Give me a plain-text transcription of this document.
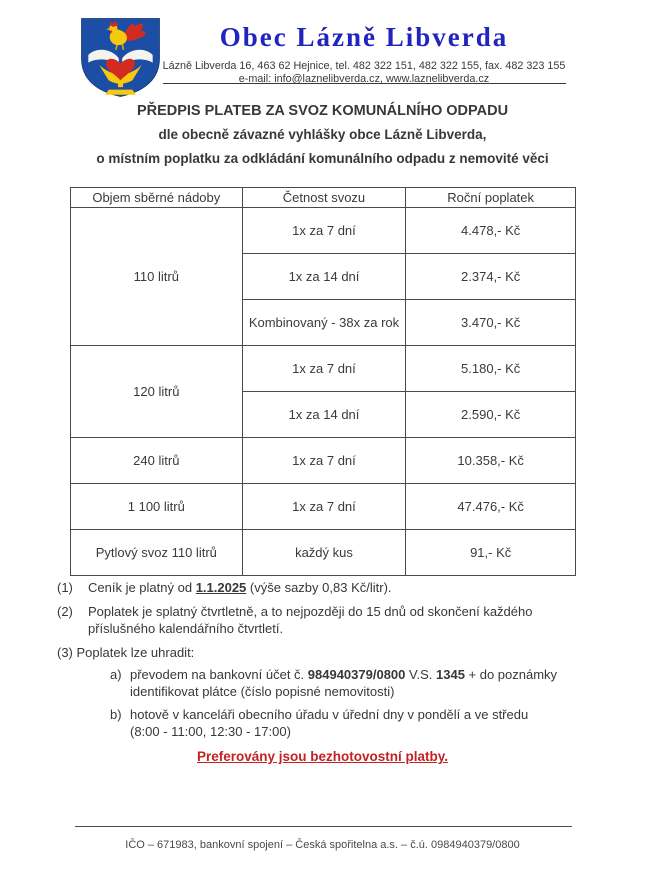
Obec Lázně Libverda
Lázně Libverda 16, 463 62 Hejnice, tel. 482 322 151, 482 322 155, fax. 482 323 155
e-mail: info@laznelibverda.cz, www.laznelibverda.cz
PŘEDPIS PLATEB ZA SVOZ KOMUNÁLNÍHO ODPADU
dle obecně závazné vyhlášky obce Lázně Libverda,
o místním poplatku za odkládání komunálního odpadu z nemovité věci
Objem sběrné nádoby	Četnost svozu	Roční poplatek
110 litrů	1x za 7 dní	4.478,- Kč
	1x za 14 dní	2.374,- Kč
	Kombinovaný - 38x za rok	3.470,- Kč
120 litrů	1x za 7 dní	5.180,- Kč
	1x za 14 dní	2.590,- Kč
240 litrů	1x za 7 dní	10.358,- Kč
1 100 litrů	1x za 7 dní	47.476,- Kč
Pytlový svoz 110 litrů	každý kus	91,- Kč
(1) Ceník je platný od 1.1.2025 (výše sazby 0,83 Kč/litr).
(2) Poplatek je splatný čtvrtletně, a to nejpozději do 15 dnů od skončení každého
příslušného kalendářního čtvrtletí.
(3) Poplatek lze uhradit:
a) převodem na bankovní účet č. 984940379/0800 V.S. 1345 + do poznámky
identifikovat plátce (číslo popisné nemovitosti)
b) hotově v kanceláři obecního úřadu v úřední dny v pondělí a ve středu
(8:00 - 11:00, 12:30 - 17:00)
Preferovány jsou bezhotovostní platby.
IČO – 671983, bankovní spojení – Česká spořitelna a.s. – č.ú. 0984940379/0800
